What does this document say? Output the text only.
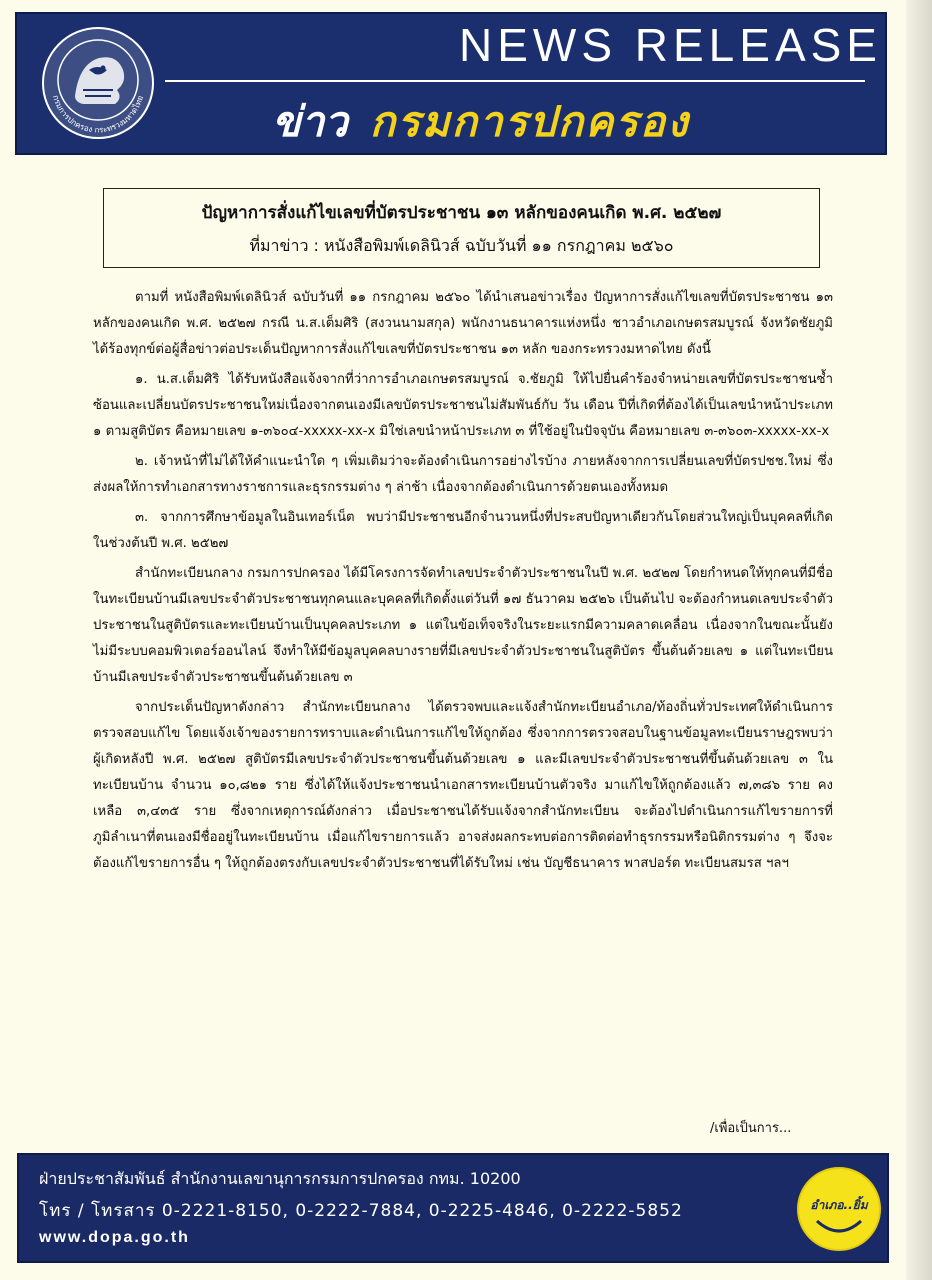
กรมการปกครอง กระทรวงมหาดไทย
NEWS RELEASE
ข่าว กรมการปกครอง
ปัญหาการสั่งแก้ไขเลขที่บัตรประชาชน ๑๓ หลักของคนเกิด พ.ศ. ๒๕๒๗
ที่มาข่าว : หนังสือพิมพ์เดลินิวส์ ฉบับวันที่ ๑๑ กรกฎาคม ๒๕๖๐

ตามที่ หนังสือพิมพ์เดลินิวส์ ฉบับวันที่ ๑๑ กรกฎาคม ๒๕๖๐ ได้นำเสนอข่าวเรื่อง ปัญหาการสั่งแก้ไขเลขที่บัตรประชาชน ๑๓ หลักของคนเกิด พ.ศ. ๒๕๒๗ กรณี น.ส.เต็มศิริ (สงวนนามสกุล) พนักงานธนาคารแห่งหนึ่ง ชาวอำเภอเกษตรสมบูรณ์ จังหวัดชัยภูมิ ได้ร้องทุกข์ต่อผู้สื่อข่าวต่อประเด็นปัญหาการสั่งแก้ไขเลขที่บัตรประชาชน ๑๓ หลัก ของกระทรวงมหาดไทย ดังนี้

๑. น.ส.เต็มศิริ ได้รับหนังสือแจ้งจากที่ว่าการอำเภอเกษตรสมบูรณ์ จ.ชัยภูมิ ให้ไปยื่นคำร้องจำหน่ายเลขที่บัตรประชาชนซ้ำซ้อนและเปลี่ยนบัตรประชาชนใหม่เนื่องจากตนเองมีเลขบัตรประชาชนไม่สัมพันธ์กับ วัน เดือน ปีที่เกิดที่ต้องได้เป็นเลขนำหน้าประเภท ๑ ตามสูติบัตร คือหมายเลข ๑-๓๖๐๔-xxxxx-xx-x มิใช่เลขนำหน้าประเภท ๓ ที่ใช้อยู่ในปัจจุบัน คือหมายเลข ๓-๓๖๐๓-xxxxx-xx-x

๒. เจ้าหน้าที่ไม่ได้ให้คำแนะนำใด ๆ เพิ่มเติมว่าจะต้องดำเนินการอย่างไรบ้าง ภายหลังจากการเปลี่ยนเลขที่บัตรปชช.ใหม่ ซึ่งส่งผลให้การทำเอกสารทางราชการและธุรกรรมต่าง ๆ ล่าช้า เนื่องจากต้องดำเนินการด้วยตนเองทั้งหมด

๓. จากการศึกษาข้อมูลในอินเทอร์เน็ต พบว่ามีประชาชนอีกจำนวนหนึ่งที่ประสบปัญหาเดียวกันโดยส่วนใหญ่เป็นบุคคลที่เกิดในช่วงต้นปี พ.ศ. ๒๕๒๗

สำนักทะเบียนกลาง กรมการปกครอง ได้มีโครงการจัดทำเลขประจำตัวประชาชนในปี พ.ศ. ๒๕๒๗ โดยกำหนดให้ทุกคนที่มีชื่อในทะเบียนบ้านมีเลขประจำตัวประชาชนทุกคนและบุคคลที่เกิดตั้งแต่วันที่ ๑๗ ธันวาคม ๒๕๒๖ เป็นต้นไป จะต้องกำหนดเลขประจำตัวประชาชนในสูติบัตรและทะเบียนบ้านเป็นบุคคลประเภท ๑ แต่ในข้อเท็จจริงในระยะแรกมีความคลาดเคลื่อน เนื่องจากในขณะนั้นยังไม่มีระบบคอมพิวเตอร์ออนไลน์ จึงทำให้มีข้อมูลบุคคลบางรายที่มีเลขประจำตัวประชาชนในสูติบัตร ขึ้นต้นด้วยเลข ๑ แต่ในทะเบียนบ้านมีเลขประจำตัวประชาชนขึ้นต้นด้วยเลข ๓

จากประเด็นปัญหาดังกล่าว สำนักทะเบียนกลาง ได้ตรวจพบและแจ้งสำนักทะเบียนอำเภอ/ท้องถิ่นทั่วประเทศให้ดำเนินการตรวจสอบแก้ไข โดยแจ้งเจ้าของรายการทราบและดำเนินการแก้ไขให้ถูกต้อง ซึ่งจากการตรวจสอบในฐานข้อมูลทะเบียนราษฎรพบว่า ผู้เกิดหลังปี พ.ศ. ๒๕๒๗ สูติบัตรมีเลขประจำตัวประชาชนขึ้นต้นด้วยเลข ๑ และมีเลขประจำตัวประชาชนที่ขึ้นต้นด้วยเลข ๓ ในทะเบียนบ้าน จำนวน ๑๐,๘๒๑ ราย ซึ่งได้ให้แจ้งประชาชนนำเอกสารทะเบียนบ้านตัวจริง มาแก้ไขให้ถูกต้องแล้ว ๗,๓๘๖ ราย คงเหลือ ๓,๔๓๕ ราย ซึ่งจากเหตุการณ์ดังกล่าว เมื่อประชาชนได้รับแจ้งจากสำนักทะเบียน จะต้องไปดำเนินการแก้ไขรายการที่ภูมิลำเนาที่ตนเองมีชื่ออยู่ในทะเบียนบ้าน เมื่อแก้ไขรายการแล้ว อาจส่งผลกระทบต่อการติดต่อทำธุรกรรมหรือนิติกรรมต่าง ๆ จึงจะต้องแก้ไขรายการอื่น ๆ ให้ถูกต้องตรงกับเลขประจำตัวประชาชนที่ได้รับใหม่ เช่น บัญชีธนาคาร พาสปอร์ต ทะเบียนสมรส ฯลฯ

/เพื่อเป็นการ...
ฝ่ายประชาสัมพันธ์ สำนักงานเลขานุการกรมการปกครอง กทม. 10200
โทร / โทรสาร 0-2221-8150, 0-2222-7884, 0-2225-4846, 0-2222-5852
www.dopa.go.th
อำเภอ..ยิ้ม
